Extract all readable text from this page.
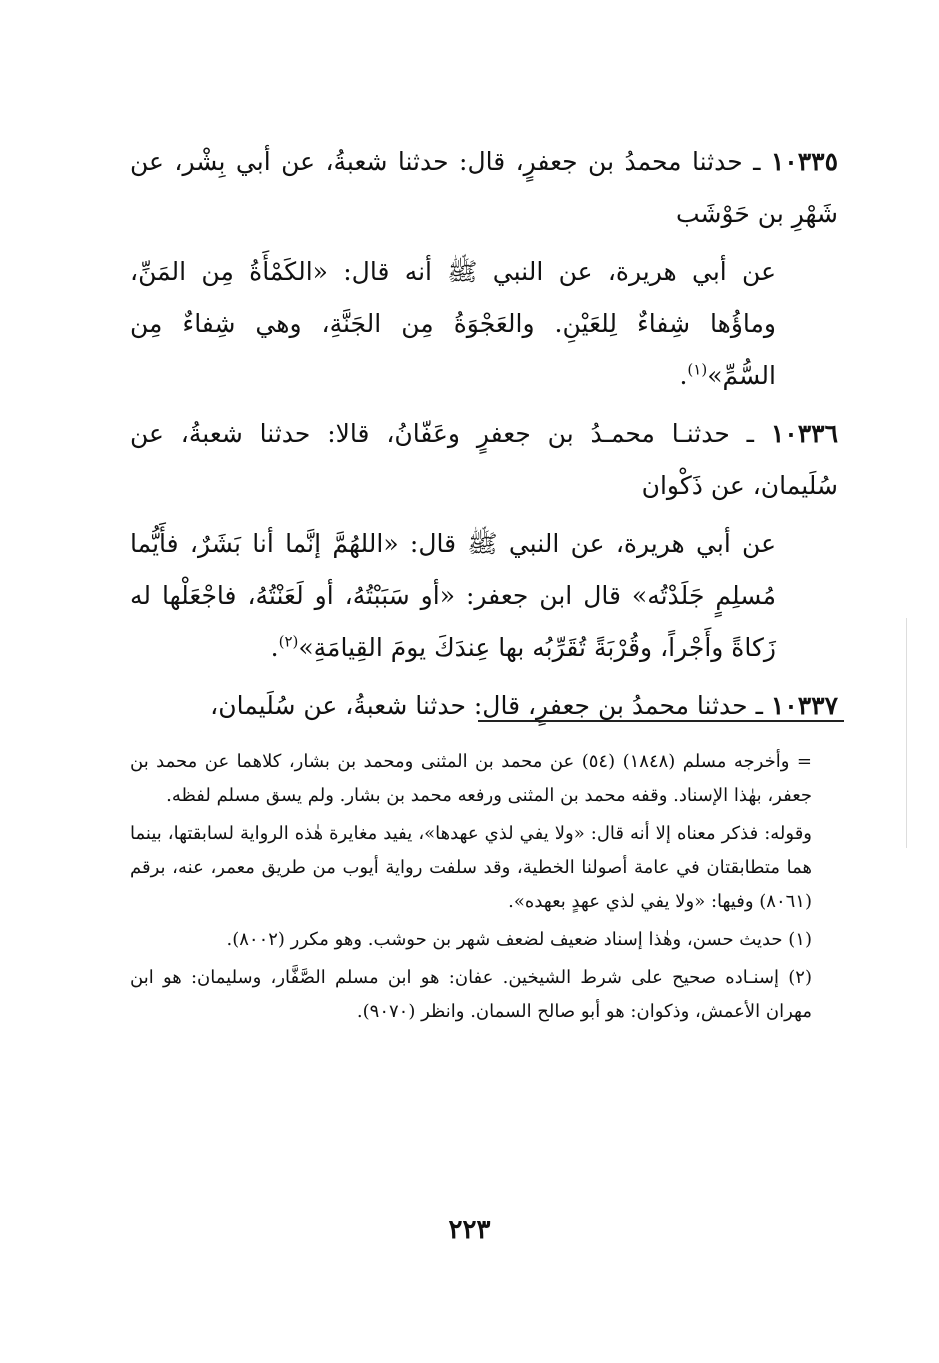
١٠٣٣٥ ـ حدثنا محمدُ بن جعفرٍ، قال: حدثنا شعبةُ، عن أبي بِشْر، عن شَهْرِ بن حَوْشَب

عن أبي هريرة، عن النبي ﷺ أنه قال: «الكَمْأَةُ مِن المَنِّ، وماؤُها شِفاءٌ لِلعَيْنِ. والعَجْوَةُ مِن الجَنَّةِ، وهي شِفاءٌ مِن السُّمِّ»$^{(١)}$.

١٠٣٣٦ ـ حدثنـا محمـدُ بن جعفرٍ وعَفّانُ، قالا: حدثنا شعبةُ، عن سُلَيمان، عن ذَكْوان

عن أبي هريرة، عن النبي ﷺ قال: «اللهُمَّ إنَّما أنا بَشَرٌ، فأَيُّما مُسلِمٍ جَلَدْتُه» قال ابن جعفر: «أو سَبَبْتُهُ، أو لَعَنْتُهُ، فاجْعَلْها له زَكاةً وأَجْراً، وقُرْبَةً تُقَرِّبُه بها عِندَكَ يومَ القِيامَةِ»$^{(٢)}$.

١٠٣٣٧ ـ حدثنا محمدُ بن جعفرٍ، قال: حدثنا شعبةُ، عن سُلَيمان،

= وأخرجه مسلم (١٨٤٨) (٥٤) عن محمد بن المثنى ومحمد بن بشار، كلاهما عن محمد بن جعفر، بهٰذا الإسناد. وقفه محمد بن المثنى ورفعه محمد بن بشار. ولم يسق مسلم لفظه.

وقوله: فذكر معناه إلا أنه قال: «ولا يفي لذي عهدها»، يفيد مغايرة هٰذه الرواية لسابقتها، بينما هما متطابقتان في عامة أصولنا الخطية، وقد سلفت رواية أيوب من طريق معمر، عنه، برقم (٨٠٦١) وفيها: «ولا يفي لذي عهدٍ بعهده».

(١) حديث حسن، وهٰذا إسناد ضعيف لضعف شهر بن حوشب. وهو مكرر (٨٠٠٢).

(٢) إسنـاده صحيح على شرط الشيخين. عفان: هو ابن مسلم الصَّفَّار، وسليمان: هو ابن مهران الأعمش، وذكوان: هو أبو صالح السمان. وانظر (٩٠٧٠).

٢٢٣
